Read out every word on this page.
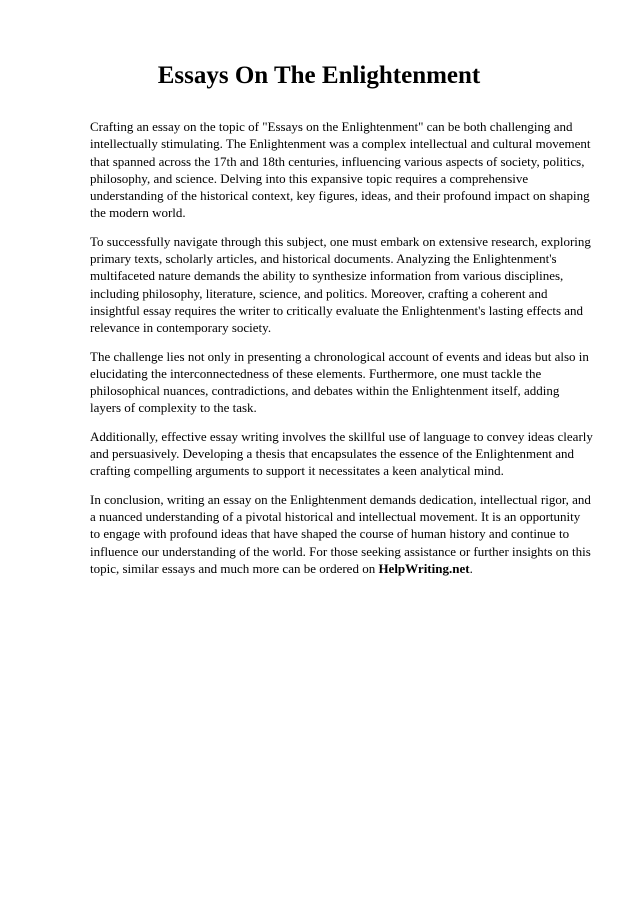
Essays On The Enlightenment

Crafting an essay on the topic of "Essays on the Enlightenment" can be both challenging and intellectually stimulating. The Enlightenment was a complex intellectual and cultural movement that spanned across the 17th and 18th centuries, influencing various aspects of society, politics, philosophy, and science. Delving into this expansive topic requires a comprehensive understanding of the historical context, key figures, ideas, and their profound impact on shaping the modern world.

To successfully navigate through this subject, one must embark on extensive research, exploring primary texts, scholarly articles, and historical documents. Analyzing the Enlightenment's multifaceted nature demands the ability to synthesize information from various disciplines, including philosophy, literature, science, and politics. Moreover, crafting a coherent and insightful essay requires the writer to critically evaluate the Enlightenment's lasting effects and relevance in contemporary society.

The challenge lies not only in presenting a chronological account of events and ideas but also in elucidating the interconnectedness of these elements. Furthermore, one must tackle the philosophical nuances, contradictions, and debates within the Enlightenment itself, adding layers of complexity to the task.

Additionally, effective essay writing involves the skillful use of language to convey ideas clearly and persuasively. Developing a thesis that encapsulates the essence of the Enlightenment and crafting compelling arguments to support it necessitates a keen analytical mind.

In conclusion, writing an essay on the Enlightenment demands dedication, intellectual rigor, and a nuanced understanding of a pivotal historical and intellectual movement. It is an opportunity to engage with profound ideas that have shaped the course of human history and continue to influence our understanding of the world. For those seeking assistance or further insights on this topic, similar essays and much more can be ordered on HelpWriting.net.
